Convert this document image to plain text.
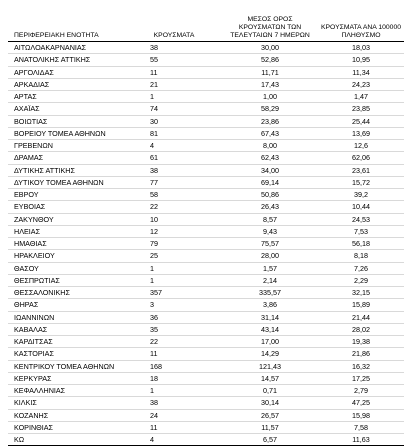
ΠΕΡΙΦΕΡΕΙΑΚΗ ΕΝΟΤΗΤΑ	ΚΡΟΥΣΜΑΤΑ	ΜΕΣΟΣ ΟΡΟΣ ΚΡΟΥΣΜΑΤΩΝ ΤΩΝ ΤΕΛΕΥΤΑΙΩΝ 7 ΗΜΕΡΩΝ	ΚΡΟΥΣΜΑΤΑ ΑΝΑ 100000 ΠΛΗΘΥΣΜΟ
ΑΙΤΩΛΟΑΚΑΡΝΑΝΙΑΣ	38	30,00	18,03
ΑΝΑΤΟΛΙΚΗΣ ΑΤΤΙΚΗΣ	55	52,86	10,95
ΑΡΓΟΛΙΔΑΣ	11	11,71	11,34
ΑΡΚΑΔΙΑΣ	21	17,43	24,23
ΑΡΤΑΣ	1	1,00	1,47
ΑΧΑΪΑΣ	74	58,29	23,85
ΒΟΙΩΤΙΑΣ	30	23,86	25,44
ΒΟΡΕΙΟΥ ΤΟΜΕΑ ΑΘΗΝΩΝ	81	67,43	13,69
ΓΡΕΒΕΝΩΝ	4	8,00	12,6
ΔΡΑΜΑΣ	61	62,43	62,06
ΔΥΤΙΚΗΣ ΑΤΤΙΚΗΣ	38	34,00	23,61
ΔΥΤΙΚΟΥ ΤΟΜΕΑ ΑΘΗΝΩΝ	77	69,14	15,72
ΕΒΡΟΥ	58	50,86	39,2
ΕΥΒΟΙΑΣ	22	26,43	10,44
ΖΑΚΥΝΘΟΥ	10	8,57	24,53
ΗΛΕΙΑΣ	12	9,43	7,53
ΗΜΑΘΙΑΣ	79	75,57	56,18
ΗΡΑΚΛΕΙΟΥ	25	28,00	8,18
ΘΑΣΟΥ	1	1,57	7,26
ΘΕΣΠΡΩΤΙΑΣ	1	2,14	2,29
ΘΕΣΣΑΛΟΝΙΚΗΣ	357	335,57	32,15
ΘΗΡΑΣ	3	3,86	15,89
ΙΩΑΝΝΙΝΩΝ	36	31,14	21,44
ΚΑΒΑΛΑΣ	35	43,14	28,02
ΚΑΡΔΙΤΣΑΣ	22	17,00	19,38
ΚΑΣΤΟΡΙΑΣ	11	14,29	21,86
ΚΕΝΤΡΙΚΟΥ ΤΟΜΕΑ ΑΘΗΝΩΝ	168	121,43	16,32
ΚΕΡΚΥΡΑΣ	18	14,57	17,25
ΚΕΦΑΛΛΗΝΙΑΣ	1	0,71	2,79
ΚΙΛΚΙΣ	38	30,14	47,25
ΚΟΖΑΝΗΣ	24	26,57	15,98
ΚΟΡΙΝΘΙΑΣ	11	11,57	7,58
ΚΩ	4	6,57	11,63
